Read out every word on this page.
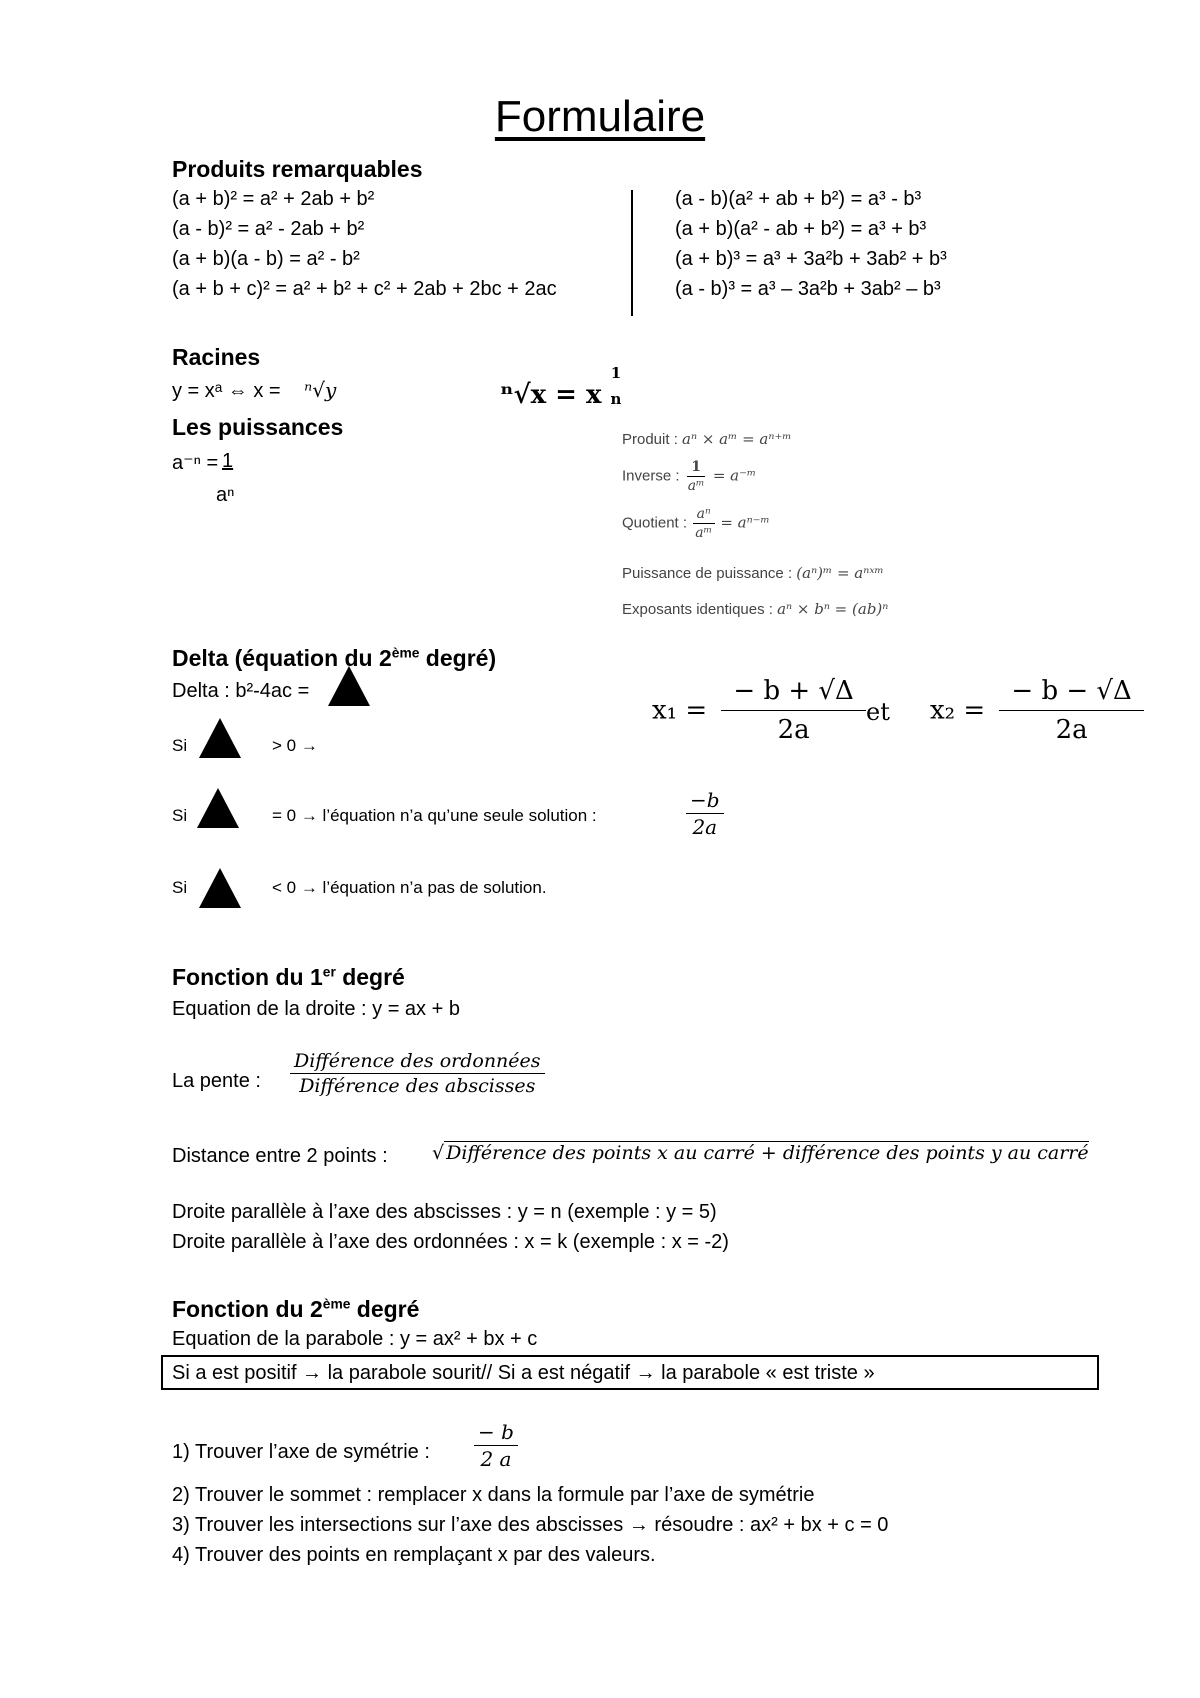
Formulaire
Produits remarquables
(a + b)² = a² + 2ab + b²
(a - b)² = a² - 2ab + b²
(a + b)(a - b) = a² - b²
(a + b + c)² = a² + b² + c² + 2ab + 2bc + 2ac
(a - b)(a² + ab + b²) = a³ - b³
(a + b)(a² - ab + b²) = a³ + b³
(a + b)³ = a³ + 3a²b + 3ab² + b³
(a - b)³ = a³ – 3a²b + 3ab² – b³
Racines
y = xᵃ ⇔ x = ⁿ√y	ⁿ√x = x
1
n
Les puissances
a⁻ⁿ = 1
aⁿ
Produit : aⁿ × aᵐ = aⁿ⁺ᵐ
Inverse : $\frac{1}{\text{aᵐ}}$ = a⁻ᵐ
Quotient : $\frac{\text{aⁿ}}{\text{aᵐ}}$ = aⁿ⁻ᵐ
Puissance de puissance : (aⁿ)ᵐ = aⁿˣᵐ
Exposants identiques : aⁿ × bⁿ = (ab)ⁿ
Delta (équation du 2ème degré)
Delta : b²-4ac =
Si	> 0 →
Si	= 0 → l’équation n’a qu’une seule solution :	$\frac{-b}{2a}$
Si	< 0 → l’équation n’a pas de solution.
$x_1 = \frac{- b + √\Delta}{2a}$ et $x_2 = \frac{- b - √\Delta}{2a}$
Fonction du 1er degré
Equation de la droite : y = ax + b
La pente : $\frac{\text{Différence des ordonnées}}{\text{Différence des abscisses}}$
Distance entre 2 points : √ Différence des points x au carré + différence des points y au carré
Droite parallèle à l’axe des abscisses : y = n (exemple : y = 5)
Droite parallèle à l’axe des ordonnées : x = k (exemple : x = -2)
Fonction du 2ème degré
Equation de la parabole : y = ax² + bx + c
Si a est positif → la parabole sourit// Si a est négatif → la parabole « est triste »
1) Trouver l’axe de symétrie : $\frac{- b}{2 a}$
2) Trouver le sommet : remplacer x dans la formule par l’axe de symétrie
3) Trouver les intersections sur l’axe des abscisses → résoudre : ax² + bx + c = 0
4) Trouver des points en remplaçant x par des valeurs.
